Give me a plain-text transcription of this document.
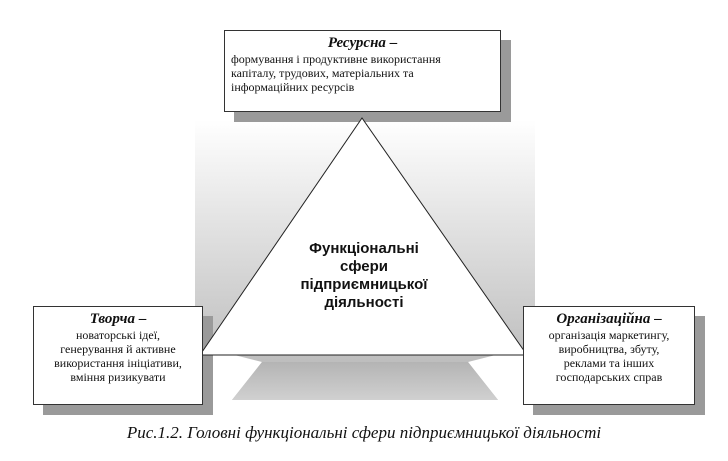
Ресурсна –
формування і продуктивне використання
капіталу, трудових, матеріальних та
інформаційних ресурсів
Творча –
новаторські ідеї,
генерування й активне
використання ініціативи,
вміння ризикувати
Організаційна –
організація маркетингу,
виробництва, збуту,
реклами та інших
господарських справ
Функціональні
сфери
підприємницької
діяльності
Рис.1.2. Головні функціональні сфери підприємницької діяльності
